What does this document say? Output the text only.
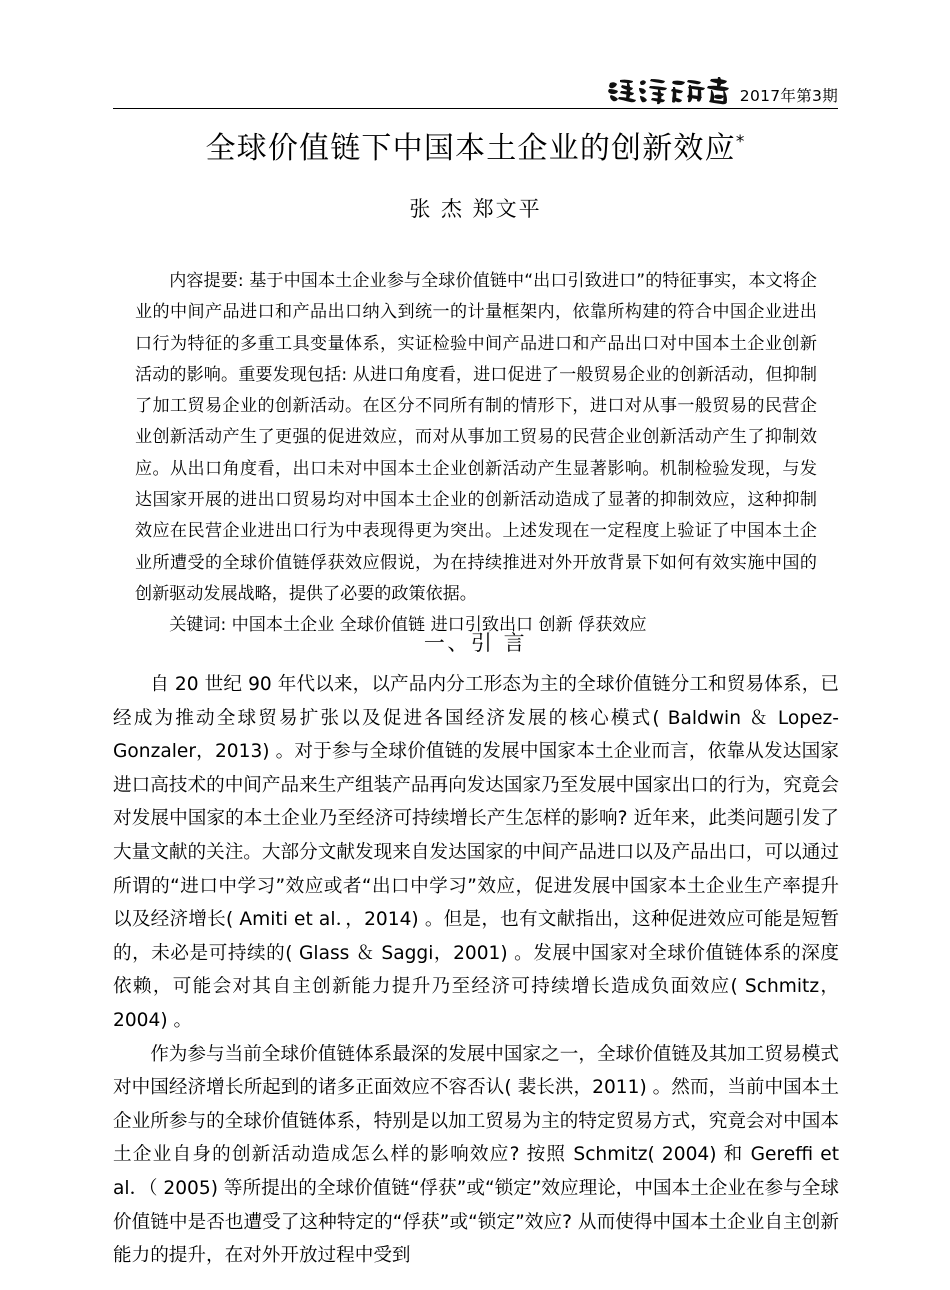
2017年第3期
全球价值链下中国本土企业的创新效应*
张 杰 郑文平

内容提要: 基于中国本土企业参与全球价值链中“出口引致进口”的特征事实，本文将企业的中间产品进口和产品出口纳入到统一的计量框架内，依靠所构建的符合中国企业进出口行为特征的多重工具变量体系，实证检验中间产品进口和产品出口对中国本土企业创新活动的影响。重要发现包括: 从进口角度看，进口促进了一般贸易企业的创新活动，但抑制了加工贸易企业的创新活动。在区分不同所有制的情形下，进口对从事一般贸易的民营企业创新活动产生了更强的促进效应，而对从事加工贸易的民营企业创新活动产生了抑制效应。从出口角度看，出口未对中国本土企业创新活动产生显著影响。机制检验发现，与发达国家开展的进出口贸易均对中国本土企业的创新活动造成了显著的抑制效应，这种抑制效应在民营企业进出口行为中表现得更为突出。上述发现在一定程度上验证了中国本土企业所遭受的全球价值链俘获效应假说，为在持续推进对外开放背景下如何有效实施中国的创新驱动发展战略，提供了必要的政策依据。

关键词: 中国本土企业 全球价值链 进口引致出口 创新 俘获效应

一、引 言

自 20 世纪 90 年代以来，以产品内分工形态为主的全球价值链分工和贸易体系，已经成为推动全球贸易扩张以及促进各国经济发展的核心模式( Baldwin ＆ Lopez-Gonzaler，2013) 。对于参与全球价值链的发展中国家本土企业而言，依靠从发达国家进口高技术的中间产品来生产组装产品再向发达国家乃至发展中国家出口的行为，究竟会对发展中国家的本土企业乃至经济可持续增长产生怎样的影响? 近年来，此类问题引发了大量文献的关注。大部分文献发现来自发达国家的中间产品进口以及产品出口，可以通过所谓的“进口中学习”效应或者“出口中学习”效应，促进发展中国家本土企业生产率提升以及经济增长( Amiti et al．，2014) 。但是，也有文献指出，这种促进效应可能是短暂的，未必是可持续的( Glass ＆ Saggi，2001) 。发展中国家对全球价值链体系的深度依赖，可能会对其自主创新能力提升乃至经济可持续增长造成负面效应( Schmitz，2004) 。

作为参与当前全球价值链体系最深的发展中国家之一，全球价值链及其加工贸易模式对中国经济增长所起到的诸多正面效应不容否认( 裴长洪，2011) 。然而，当前中国本土企业所参与的全球价值链体系，特别是以加工贸易为主的特定贸易方式，究竟会对中国本土企业自身的创新活动造成怎么样的影响效应? 按照 Schmitz( 2004) 和 Gereffi et al．（ 2005) 等所提出的全球价值链“俘获”或“锁定”效应理论，中国本土企业在参与全球价值链中是否也遭受了这种特定的“俘获”或“锁定”效应? 从而使得中国本土企业自主创新能力的提升，在对外开放过程中受到
